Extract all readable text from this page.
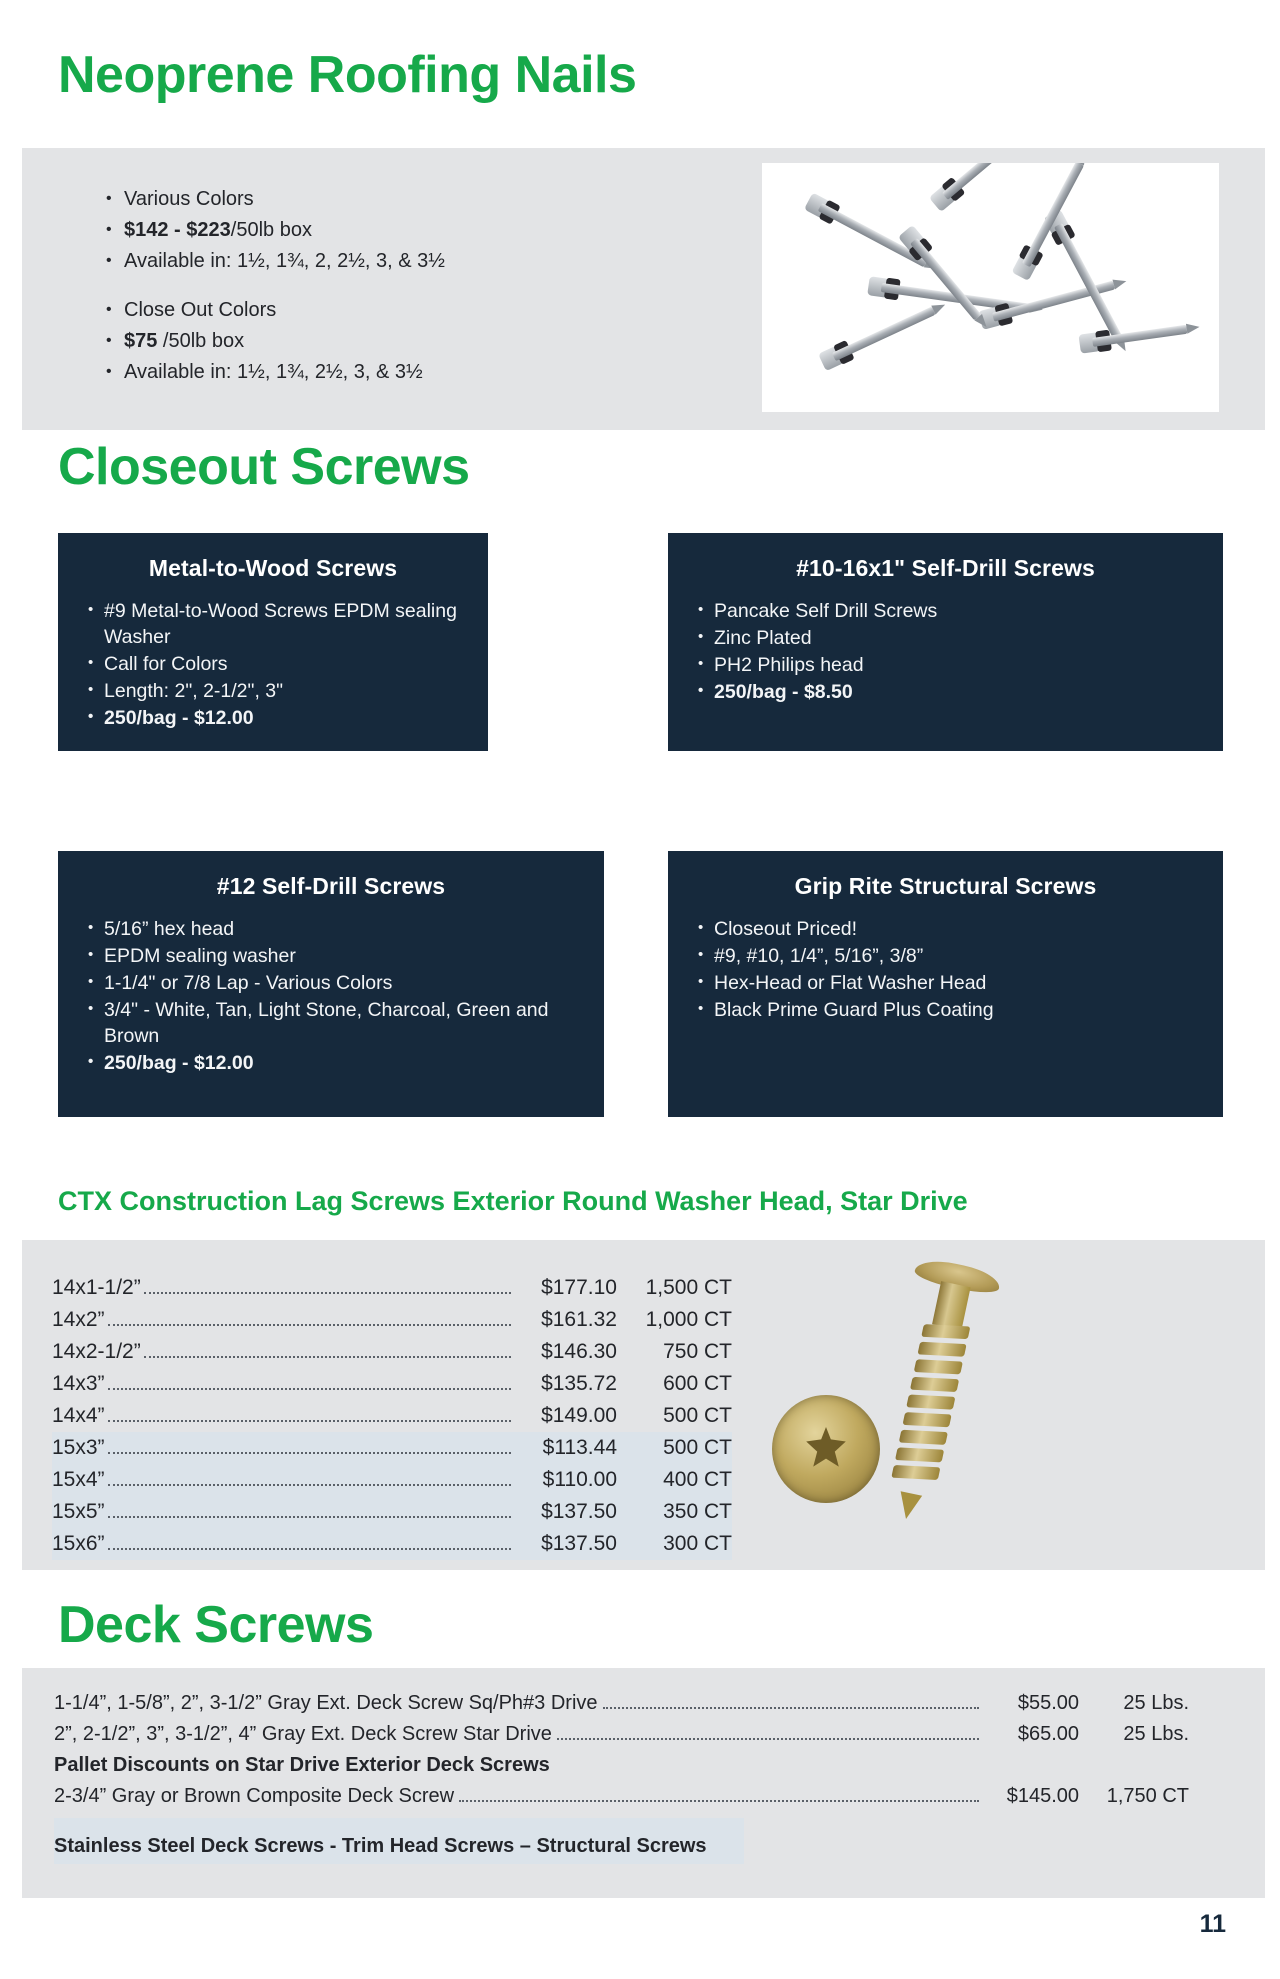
Neoprene Roofing Nails
• Various Colors
• $142 - $223/50lb box
• Available in: 1½, 1¾, 2, 2½, 3, & 3½
• Close Out Colors
• $75 /50lb box
• Available in: 1½, 1¾, 2½, 3, & 3½
Closeout Screws
Metal-to-Wood Screws
• #9 Metal-to-Wood Screws EPDM sealing Washer
• Call for Colors
• Length: 2", 2-1/2", 3"
• 250/bag - $12.00
#10-16x1" Self-Drill Screws
• Pancake Self Drill Screws
• Zinc Plated
• PH2 Philips head
• 250/bag - $8.50
#12 Self-Drill Screws
• 5/16” hex head
• EPDM sealing washer
• 1-1/4" or 7/8 Lap - Various Colors
• 3/4" - White, Tan, Light Stone, Charcoal, Green and Brown
• 250/bag - $12.00
Grip Rite Structural Screws
• Closeout Priced!
• #9, #10, 1/4”, 5/16”, 3/8”
• Hex-Head or Flat Washer Head
• Black Prime Guard Plus Coating
CTX Construction Lag Screws Exterior Round Washer Head, Star Drive
14x1-1/2”	$177.10	1,500 CT
14x2”	$161.32	1,000 CT
14x2-1/2”	$146.30	750 CT
14x3”	$135.72	600 CT
14x4”	$149.00	500 CT
15x3”	$113.44	500 CT
15x4”	$110.00	400 CT
15x5”	$137.50	350 CT
15x6”	$137.50	300 CT
Deck Screws
1-1/4”, 1-5/8”, 2”, 3-1/2” Gray Ext. Deck Screw Sq/Ph#3 Drive	$55.00	25 Lbs.
2”, 2-1/2”, 3”, 3-1/2”, 4” Gray Ext. Deck Screw Star Drive	$65.00	25 Lbs.
Pallet Discounts on Star Drive Exterior Deck Screws
2-3/4” Gray or Brown Composite Deck Screw	$145.00	1,750 CT
Stainless Steel Deck Screws - Trim Head Screws – Structural Screws
11
